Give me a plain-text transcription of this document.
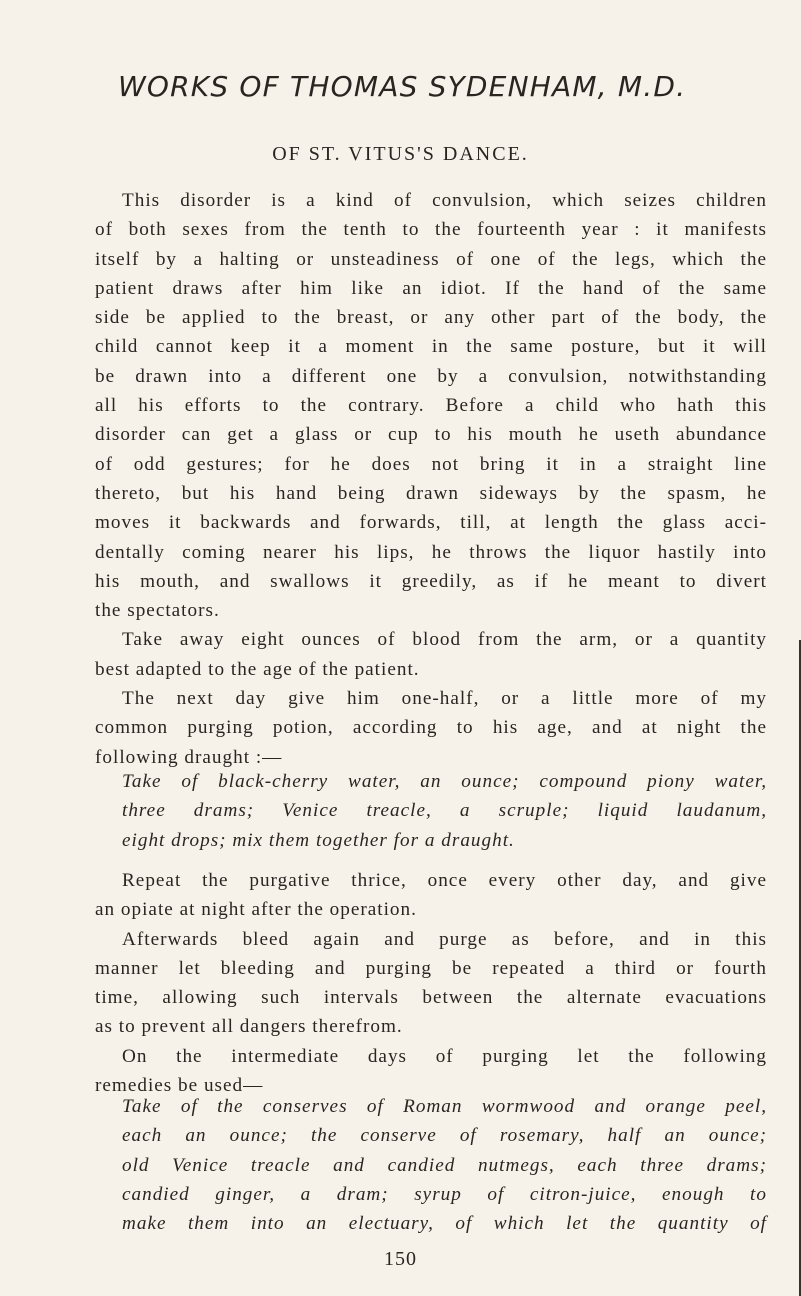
WORKS OF THOMAS SYDENHAM, M.D.
OF ST. VITUS'S DANCE.
This disorder is a kind of convulsion, which seizes children
of both sexes from the tenth to the fourteenth year : it manifests
itself by a halting or unsteadiness of one of the legs, which the
patient draws after him like an idiot. If the hand of the same
side be applied to the breast, or any other part of the body, the
child cannot keep it a moment in the same posture, but it will
be drawn into a different one by a convulsion, notwithstanding
all his efforts to the contrary. Before a child who hath this
disorder can get a glass or cup to his mouth he useth abundance
of odd gestures; for he does not bring it in a straight line
thereto, but his hand being drawn sideways by the spasm, he
moves it backwards and forwards, till, at length the glass acci-
dentally coming nearer his lips, he throws the liquor hastily into
his mouth, and swallows it greedily, as if he meant to divert
the spectators.
Take away eight ounces of blood from the arm, or a quantity
best adapted to the age of the patient.
The next day give him one-half, or a little more of my
common purging potion, according to his age, and at night the
following draught :—
Take of black-cherry water, an ounce; compound piony water,
three drams; Venice treacle, a scruple; liquid laudanum,
eight drops; mix them together for a draught.
Repeat the purgative thrice, once every other day, and give
an opiate at night after the operation.
Afterwards bleed again and purge as before, and in this
manner let bleeding and purging be repeated a third or fourth
time, allowing such intervals between the alternate evacuations
as to prevent all dangers therefrom.
On the intermediate days of purging let the following
remedies be used—
Take of the conserves of Roman wormwood and orange peel,
each an ounce; the conserve of rosemary, half an ounce;
old Venice treacle and candied nutmegs, each three drams;
candied ginger, a dram; syrup of citron-juice, enough to
make them into an electuary, of which let the quantity of
150
